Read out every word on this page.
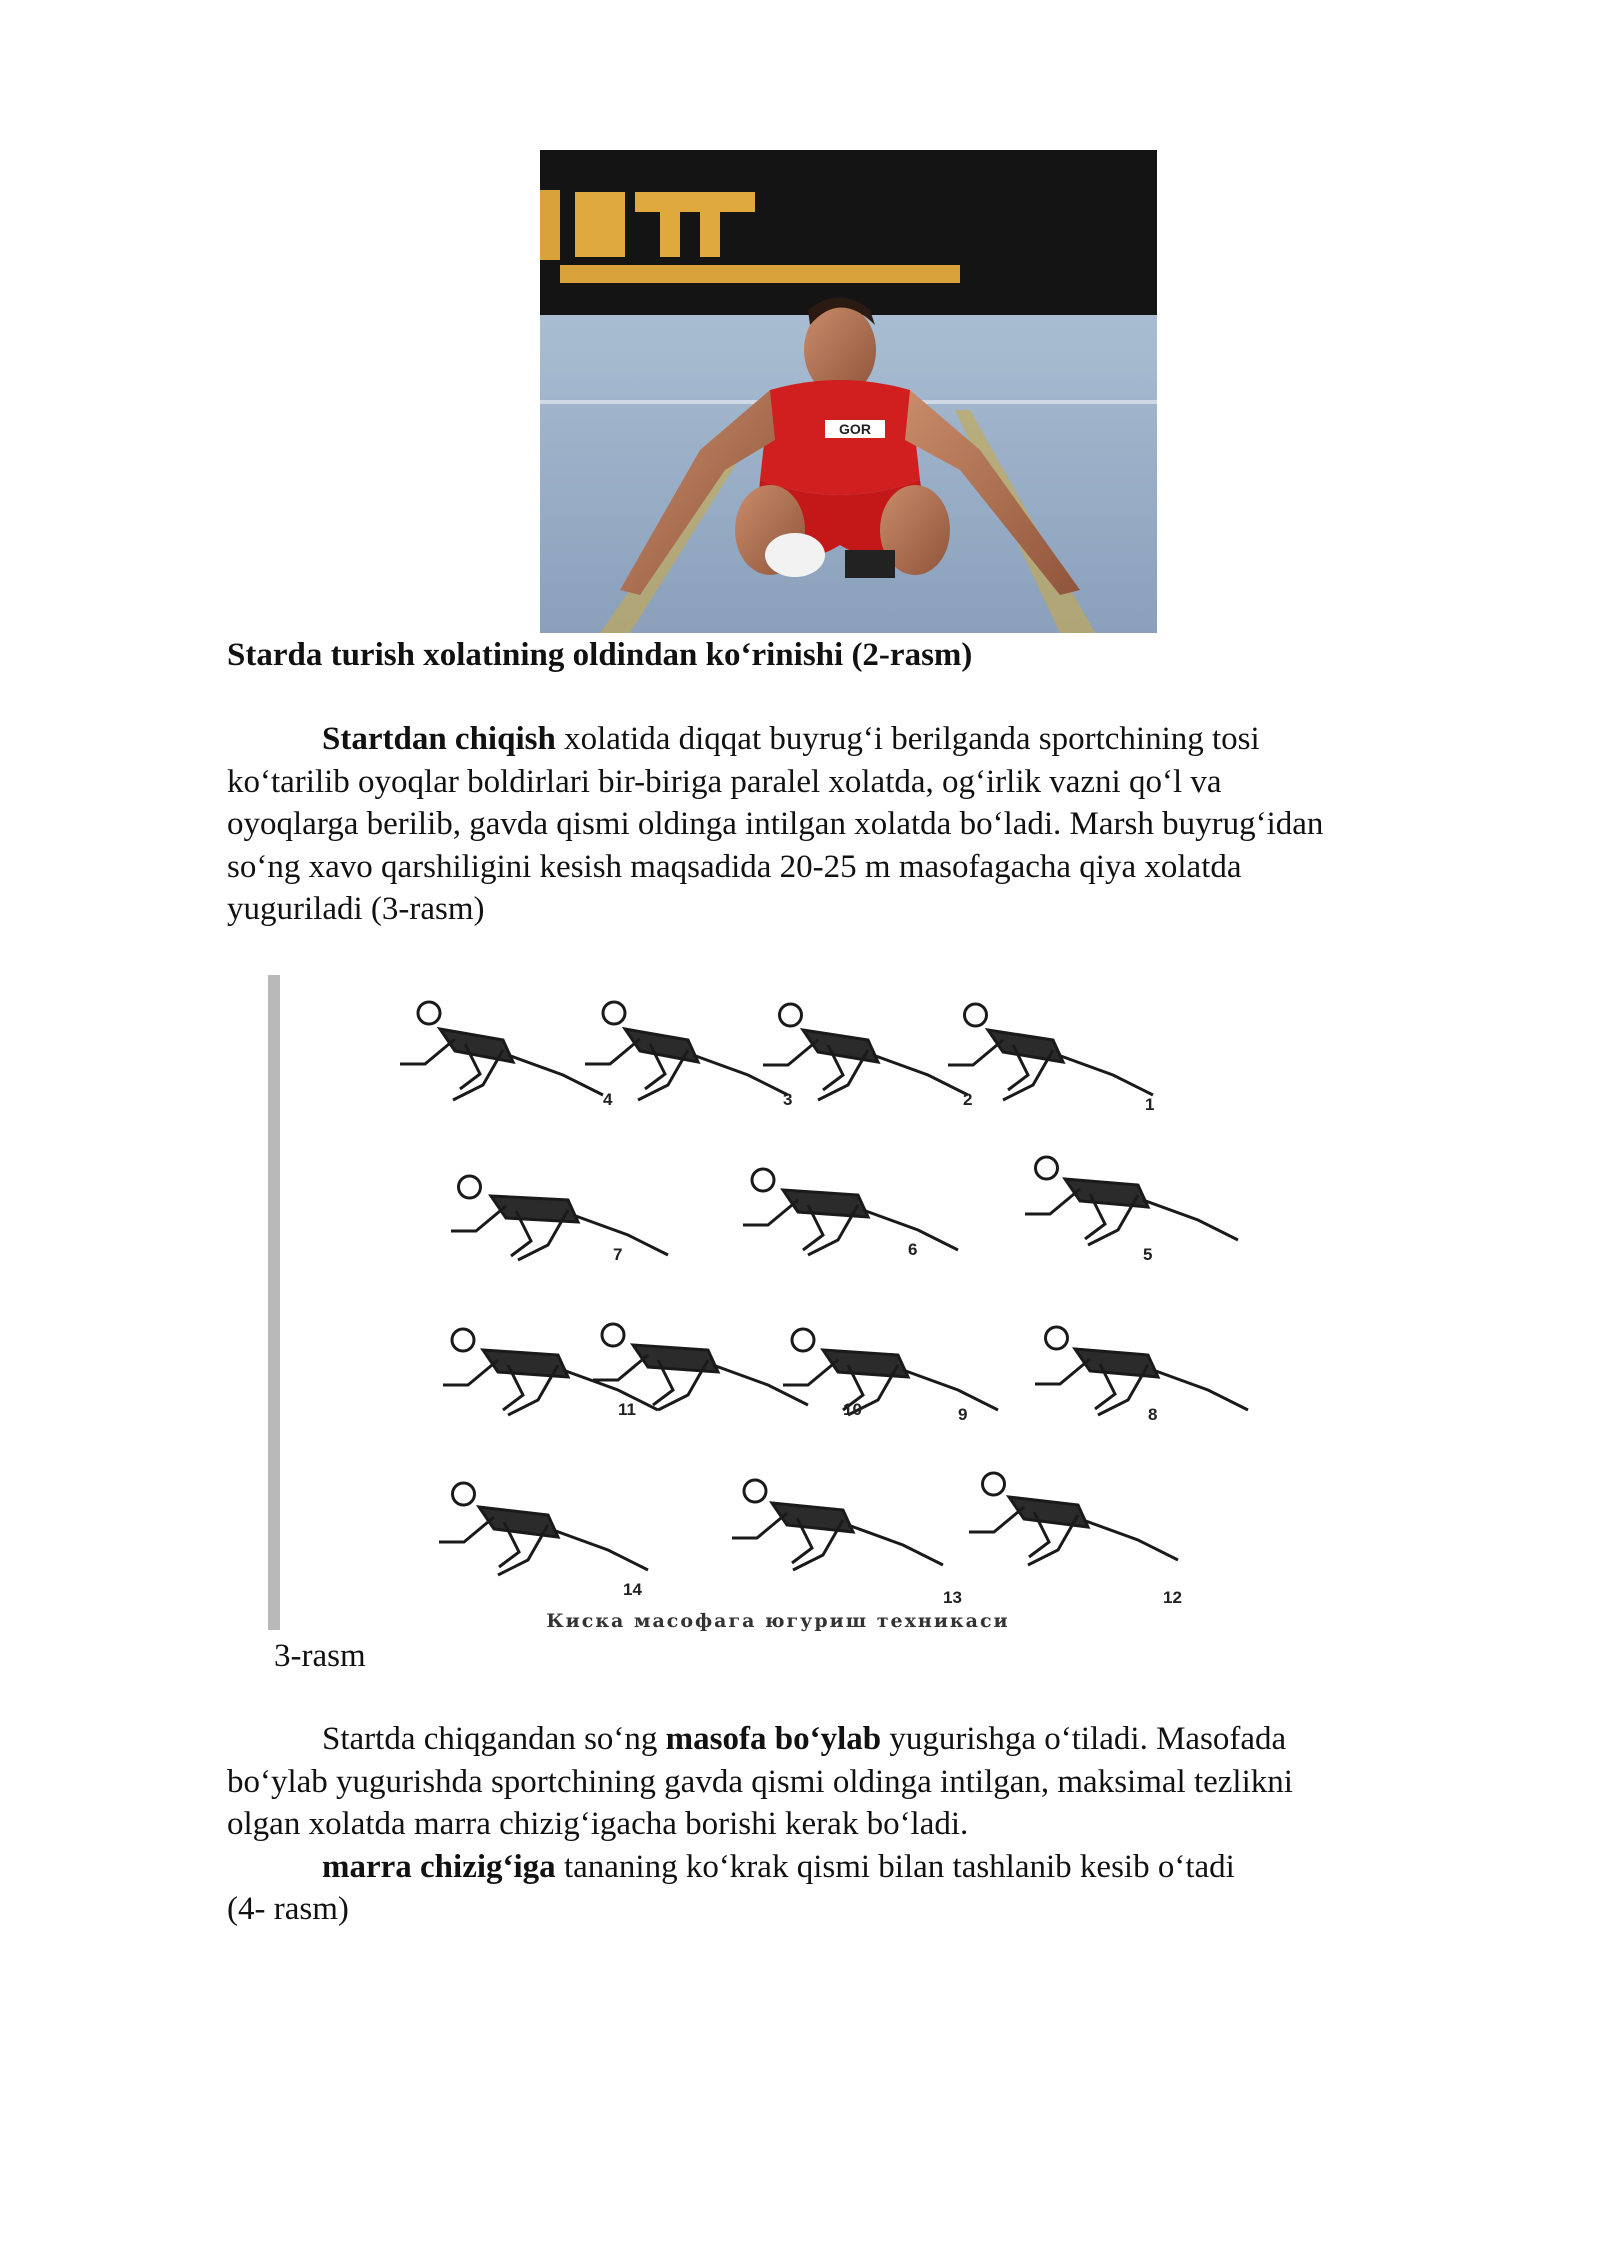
GOR
Starda turish xolatining oldindan ko‘rinishi (2-rasm)
Startdan chiqish xolatida diqqat buyrug‘i berilganda sportchining tosi
ko‘tarilib oyoqlar boldirlari bir-biriga paralel xolatda, og‘irlik vazni qo‘l va
oyoqlarga berilib, gavda qismi oldinga intilgan xolatda bo‘ladi. Marsh buyrug‘idan
so‘ng xavo qarshiligini kesish maqsadida 20-25 m masofagacha qiya xolatda
yuguriladi (3-rasm)
4	3	2	1
7	6	5
11	10	9	8
14	13	12
Киска масофага югуриш техникаси
3-rasm
Startda chiqgandan so‘ng masofa bo‘ylab yugurishga o‘tiladi. Masofada
bo‘ylab yugurishda sportchining gavda qismi oldinga intilgan, maksimal tezlikni
olgan xolatda marra chizig‘igacha borishi kerak bo‘ladi.
marra chizig‘iga tananing ko‘krak qismi bilan tashlanib kesib o‘tadi
(4- rasm)
